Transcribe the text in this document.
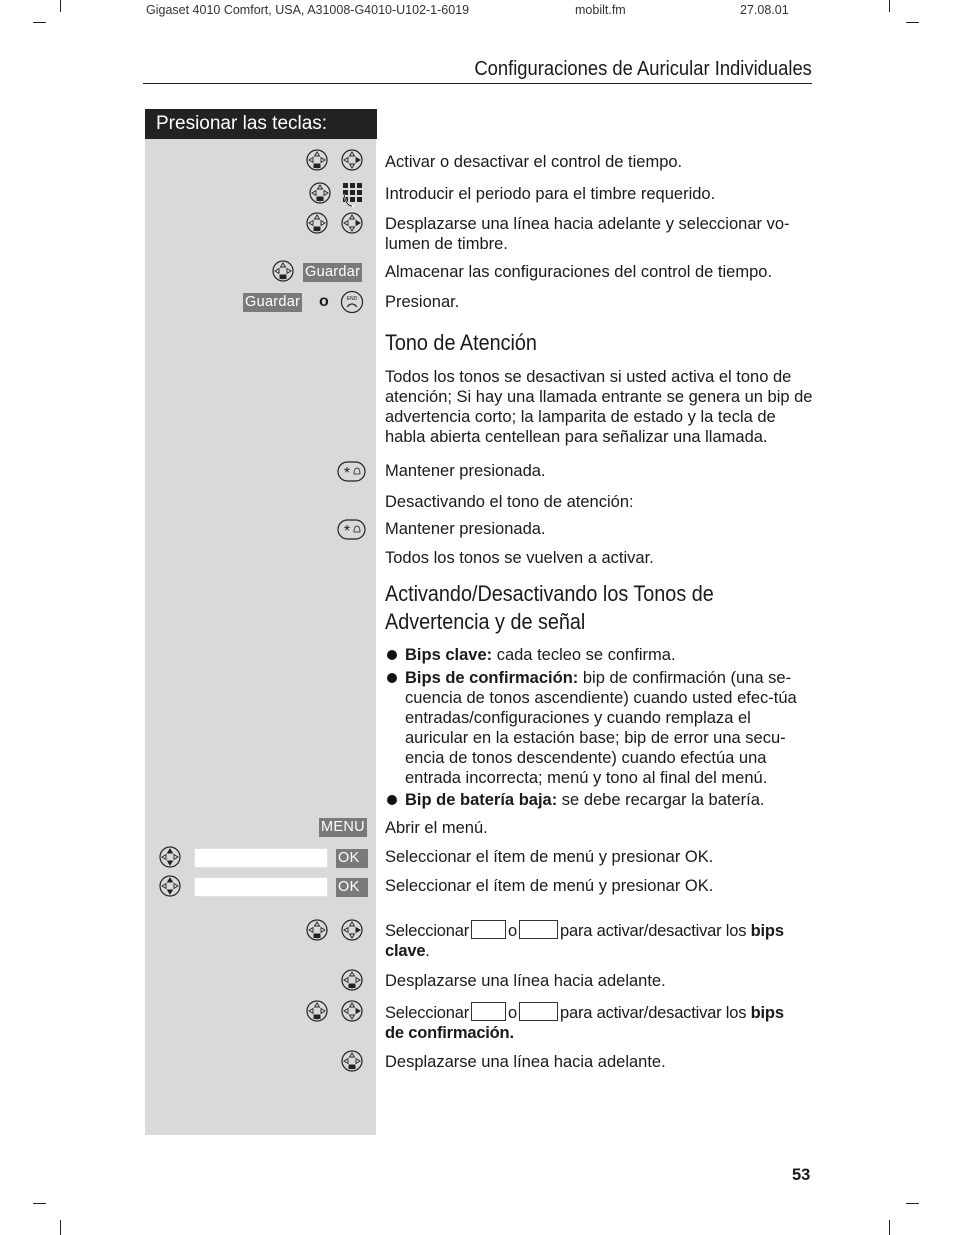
Gigaset 4010 Comfort, USA, A31008-G4010-U102-1-6019	mobilt.fm	27.08.01
Configuraciones de Auricular Individuales
Presionar las teclas:
Activar o desactivar el control de tiempo.
Introducir el periodo para el timbre requerido.
Desplazarse una línea hacia adelante y seleccionar vo-lumen de timbre.
Guardar Almacenar las configuraciones del control de tiempo.
Guardar o	END Presionar.
Tono de Atención
Todos los tonos se desactivan si usted activa el tono de atención; Si hay una llamada entrante se genera un bip de advertencia corto; la lamparita de estado y la tecla de habla abierta centellean para señalizar una llamada.
* Mantener presionada.
Desactivando el tono de atención:
* Mantener presionada.
Todos los tonos se vuelven a activar.
Activando/Desactivando los Tonos de
Advertencia y de señal
Bips clave: cada tecleo se confirma.
Bips de confirmación: bip de confirmación (una se-cuencia de tonos ascendiente) cuando usted efec-túa entradas/configuraciones y cuando remplaza el auricular en la estación base; bip de error una secu-encia de tonos descendente) cuando efectúa una entrada incorrecta; menú y tono al final del menú.
Bip de batería baja: se debe recargar la batería.
MENU Abrir el menú.
OK	Seleccionar el ítem de menú y presionar OK.
OK	Seleccionar el ítem de menú y presionar OK.
Seleccionar o	para activar/desactivar los bips
clave.
Desplazarse una línea hacia adelante.
Seleccionar o	para activar/desactivar los bips
de confirmación.
Desplazarse una línea hacia adelante.
53
